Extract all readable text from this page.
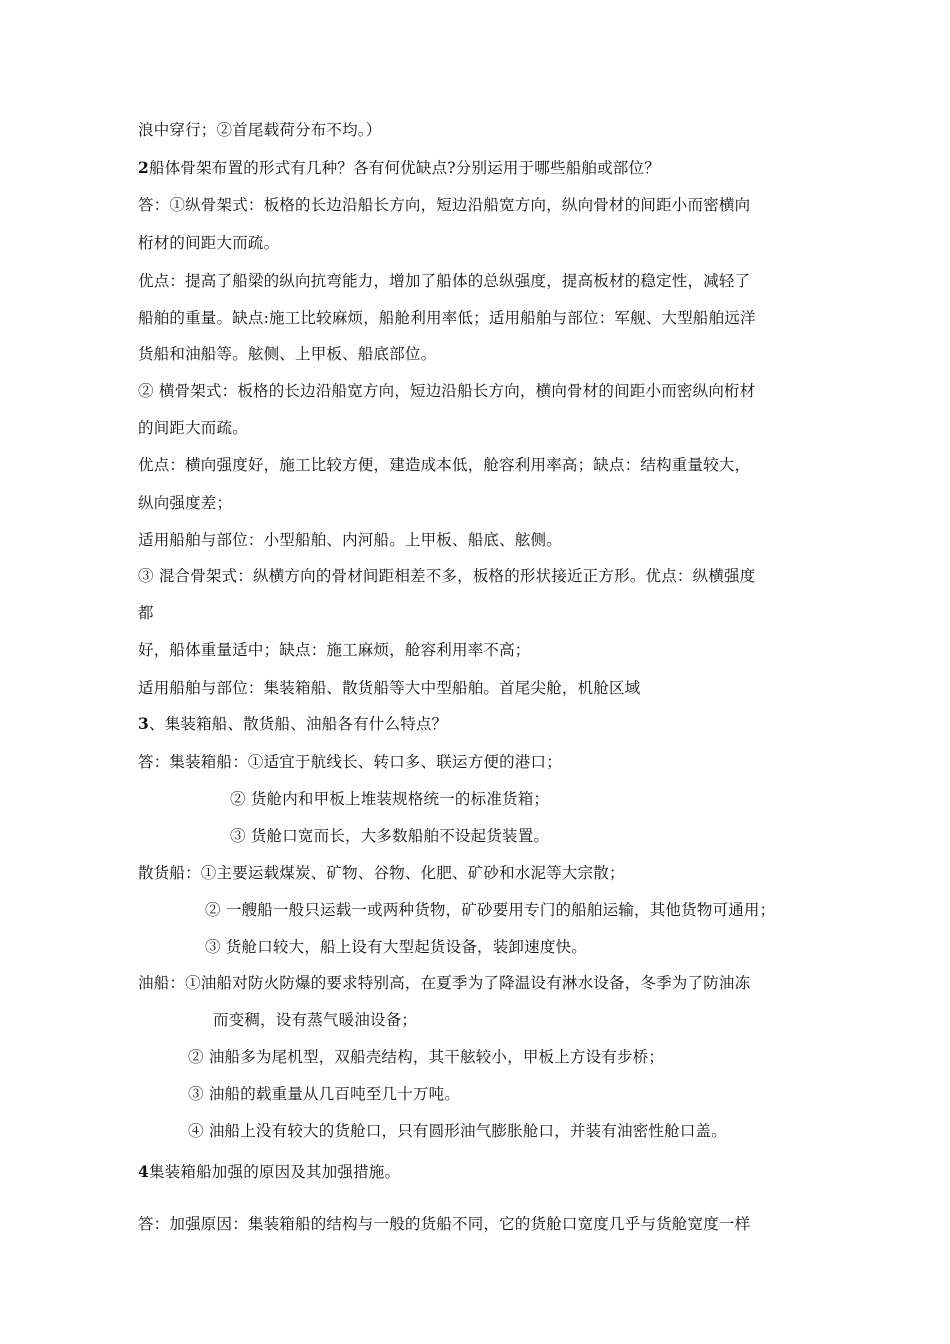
浪中穿行；②首尾载荷分布不均。）
2船体骨架布置的形式有几种？各有何优缺点?分别运用于哪些船舶或部位？
答：①纵骨架式：板格的长边沿船长方向，短边沿船宽方向，纵向骨材的间距小而密横向
桁材的间距大而疏。
优点：提高了船梁的纵向抗弯能力，增加了船体的总纵强度，提高板材的稳定性，减轻了
船舶的重量。缺点:施工比较麻烦，船舱利用率低；适用船舶与部位：军舰、大型船舶远洋
货船和油船等。舷侧、上甲板、船底部位。
② 横骨架式：板格的长边沿船宽方向，短边沿船长方向，横向骨材的间距小而密纵向桁材
的间距大而疏。
优点：横向强度好，施工比较方便，建造成本低，舱容利用率高；缺点：结构重量较大，
纵向强度差；
适用船舶与部位：小型船舶、内河船。上甲板、船底、舷侧。
③ 混合骨架式：纵横方向的骨材间距相差不多，板格的形状接近正方形。优点：纵横强度
都
好，船体重量适中；缺点：施工麻烦，舱容利用率不高；
适用船舶与部位：集装箱船、散货船等大中型船舶。首尾尖舱，机舱区域
3、集装箱船、散货船、油船各有什么特点？
答：集装箱船：①适宜于航线长、转口多、联运方便的港口；
② 货舱内和甲板上堆装规格统一的标准货箱；
③ 货舱口宽而长，大多数船舶不设起货装置。
散货船：①主要运载煤炭、矿物、谷物、化肥、矿砂和水泥等大宗散；
② 一艘船一般只运载一或两种货物，矿砂要用专门的船舶运输，其他货物可通用；
③ 货舱口较大，船上设有大型起货设备，装卸速度快。
油船：①油船对防火防爆的要求特别高，在夏季为了降温设有淋水设备，冬季为了防油冻
而变稠，设有蒸气暖油设备；
② 油船多为尾机型，双船壳结构，其干舷较小，甲板上方设有步桥；
③ 油船的载重量从几百吨至几十万吨。
④ 油船上没有较大的货舱口，只有圆形油气膨胀舱口，并装有油密性舱口盖。
4集装箱船加强的原因及其加强措施。
答：加强原因：集装箱船的结构与一般的货船不同，它的货舱口宽度几乎与货舱宽度一样
